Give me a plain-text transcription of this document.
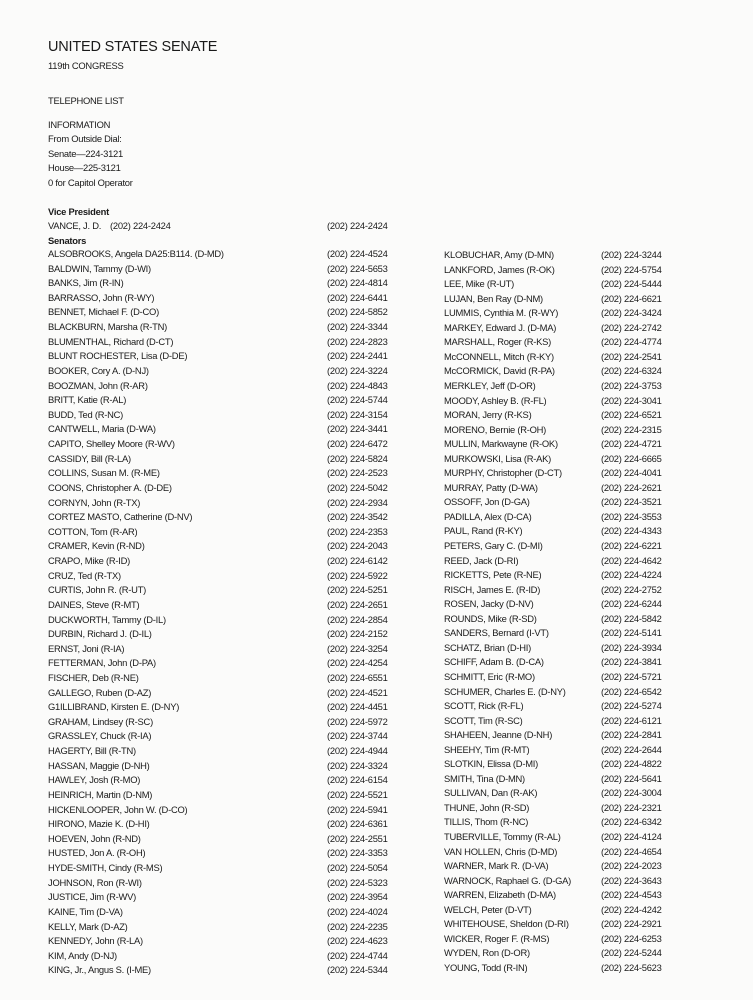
UNITED STATES SENATE
119th CONGRESS
TELEPHONE LIST
INFORMATION
From Outside Dial:
Senate—224-3121
House—225-3121
0 for Capitol Operator
Vice President
VANCE, J. D. (202) 224-2424	(202) 224-2424
Senators
ALSOBROOKS, Angela DA25:B114. (D-MD)	(202) 224-4524
BALDWIN, Tammy (D-WI)	(202) 224-5653
BANKS, Jim (R-IN)	(202) 224-4814
BARRASSO, John (R-WY)	(202) 224-6441
BENNET, Michael F. (D-CO)	(202) 224-5852
BLACKBURN, Marsha (R-TN)	(202) 224-3344
BLUMENTHAL, Richard (D-CT)	(202) 224-2823
BLUNT ROCHESTER, Lisa (D-DE)	(202) 224-2441
BOOKER, Cory A. (D-NJ)	(202) 224-3224
BOOZMAN, John (R-AR)	(202) 224-4843
BRITT, Katie (R-AL)	(202) 224-5744
BUDD, Ted (R-NC)	(202) 224-3154
CANTWELL, Maria (D-WA)	(202) 224-3441
CAPITO, Shelley Moore (R-WV)	(202) 224-6472
CASSIDY, Bill (R-LA)	(202) 224-5824
COLLINS, Susan M. (R-ME)	(202) 224-2523
COONS, Christopher A. (D-DE)	(202) 224-5042
CORNYN, John (R-TX)	(202) 224-2934
CORTEZ MASTO, Catherine (D-NV)	(202) 224-3542
COTTON, Tom (R-AR)	(202) 224-2353
CRAMER, Kevin (R-ND)	(202) 224-2043
CRAPO, Mike (R-ID)	(202) 224-6142
CRUZ, Ted (R-TX)	(202) 224-5922
CURTIS, John R. (R-UT)	(202) 224-5251
DAINES, Steve (R-MT)	(202) 224-2651
DUCKWORTH, Tammy (D-IL)	(202) 224-2854
DURBIN, Richard J. (D-IL)	(202) 224-2152
ERNST, Joni (R-IA)	(202) 224-3254
FETTERMAN, John (D-PA)	(202) 224-4254
FISCHER, Deb (R-NE)	(202) 224-6551
GALLEGO, Ruben (D-AZ)	(202) 224-4521
G1ILLIBRAND, Kirsten E. (D-NY)	(202) 224-4451
GRAHAM, Lindsey (R-SC)	(202) 224-5972
GRASSLEY, Chuck (R-IA)	(202) 224-3744
HAGERTY, Bill (R-TN)	(202) 224-4944
HASSAN, Maggie (D-NH)	(202) 224-3324
HAWLEY, Josh (R-MO)	(202) 224-6154
HEINRICH, Martin (D-NM)	(202) 224-5521
HICKENLOOPER, John W. (D-CO)	(202) 224-5941
HIRONO, Mazie K. (D-HI)	(202) 224-6361
HOEVEN, John (R-ND)	(202) 224-2551
HUSTED, Jon A. (R-OH)	(202) 224-3353
HYDE-SMITH, Cindy (R-MS)	(202) 224-5054
JOHNSON, Ron (R-WI)	(202) 224-5323
JUSTICE, Jim (R-WV)	(202) 224-3954
KAINE, Tim (D-VA)	(202) 224-4024
KELLY, Mark (D-AZ)	(202) 224-2235
KENNEDY, John (R-LA)	(202) 224-4623
KIM, Andy (D-NJ)	(202) 224-4744
KING, Jr., Angus S. (I-ME)	(202) 224-5344
KLOBUCHAR, Amy (D-MN)	(202) 224-3244
LANKFORD, James (R-OK)	(202) 224-5754
LEE, Mike (R-UT)	(202) 224-5444
LUJAN, Ben Ray (D-NM)	(202) 224-6621
LUMMIS, Cynthia M. (R-WY)	(202) 224-3424
MARKEY, Edward J. (D-MA)	(202) 224-2742
MARSHALL, Roger (R-KS)	(202) 224-4774
McCONNELL, Mitch (R-KY)	(202) 224-2541
McCORMICK, David (R-PA)	(202) 224-6324
MERKLEY, Jeff (D-OR)	(202) 224-3753
MOODY, Ashley B. (R-FL)	(202) 224-3041
MORAN, Jerry (R-KS)	(202) 224-6521
MORENO, Bernie (R-OH)	(202) 224-2315
MULLIN, Markwayne (R-OK)	(202) 224-4721
MURKOWSKI, Lisa (R-AK)	(202) 224-6665
MURPHY, Christopher (D-CT)	(202) 224-4041
MURRAY, Patty (D-WA)	(202) 224-2621
OSSOFF, Jon (D-GA)	(202) 224-3521
PADILLA, Alex (D-CA)	(202) 224-3553
PAUL, Rand (R-KY)	(202) 224-4343
PETERS, Gary C. (D-MI)	(202) 224-6221
REED, Jack (D-RI)	(202) 224-4642
RICKETTS, Pete (R-NE)	(202) 224-4224
RISCH, James E. (R-ID)	(202) 224-2752
ROSEN, Jacky (D-NV)	(202) 224-6244
ROUNDS, Mike (R-SD)	(202) 224-5842
SANDERS, Bernard (I-VT)	(202) 224-5141
SCHATZ, Brian (D-HI)	(202) 224-3934
SCHIFF, Adam B. (D-CA)	(202) 224-3841
SCHMITT, Eric (R-MO)	(202) 224-5721
SCHUMER, Charles E. (D-NY)	(202) 224-6542
SCOTT, Rick (R-FL)	(202) 224-5274
SCOTT, Tim (R-SC)	(202) 224-6121
SHAHEEN, Jeanne (D-NH)	(202) 224-2841
SHEEHY, Tim (R-MT)	(202) 224-2644
SLOTKIN, Elissa (D-MI)	(202) 224-4822
SMITH, Tina (D-MN)	(202) 224-5641
SULLIVAN, Dan (R-AK)	(202) 224-3004
THUNE, John (R-SD)	(202) 224-2321
TILLIS, Thom (R-NC)	(202) 224-6342
TUBERVILLE, Tommy (R-AL)	(202) 224-4124
VAN HOLLEN, Chris (D-MD)	(202) 224-4654
WARNER, Mark R. (D-VA)	(202) 224-2023
WARNOCK, Raphael G. (D-GA)	(202) 224-3643
WARREN, Elizabeth (D-MA)	(202) 224-4543
WELCH, Peter (D-VT)	(202) 224-4242
WHITEHOUSE, Sheldon (D-RI)	(202) 224-2921
WICKER, Roger F. (R-MS)	(202) 224-6253
WYDEN, Ron (D-OR)	(202) 224-5244
YOUNG, Todd (R-IN)	(202) 224-5623
